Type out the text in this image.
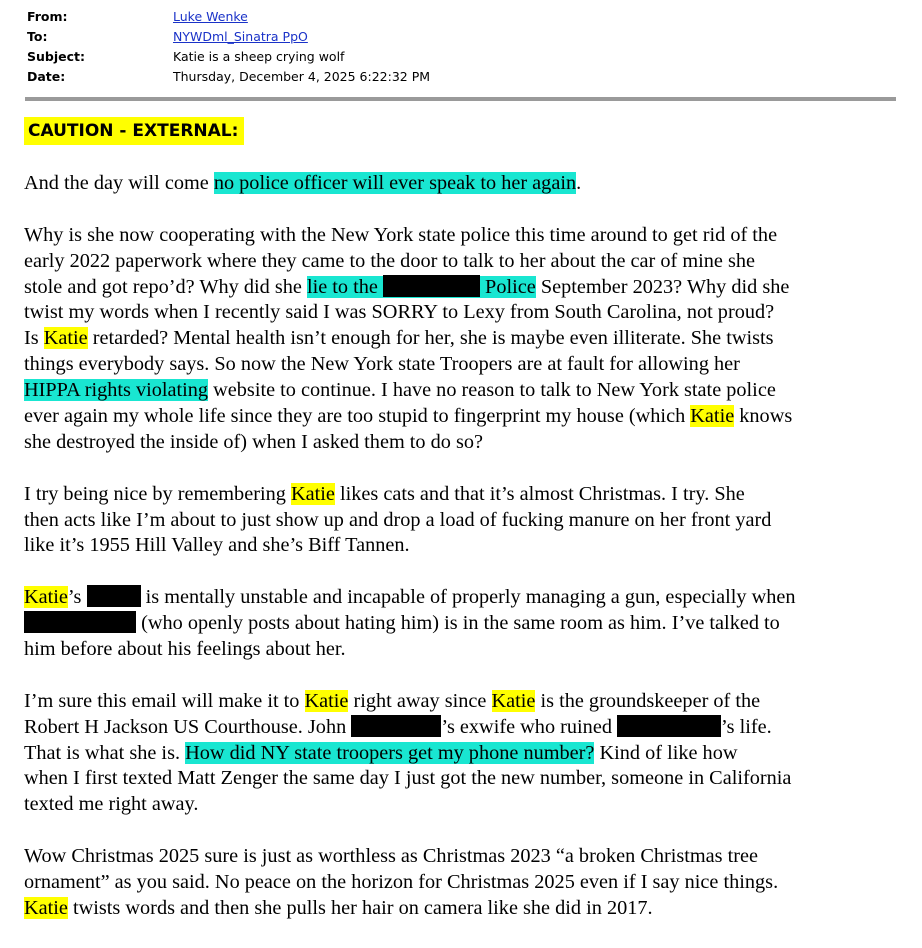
From:	Luke Wenke
To:	NYWDml_Sinatra PpO
Subject:	Katie is a sheep crying wolf
Date:	Thursday, December 4, 2025 6:22:32 PM
CAUTION - EXTERNAL:
And the day will come no police officer will ever speak to her again.
Why is she now cooperating with the New York state police this time around to get rid of the
early 2022 paperwork where they came to the door to talk to her about the car of mine she
stole and got repo’d? Why did she lie to the	Police September 2023? Why did she
twist my words when I recently said I was SORRY to Lexy from South Carolina, not proud?
Is Katie retarded? Mental health isn’t enough for her, she is maybe even illiterate. She twists
things everybody says. So now the New York state Troopers are at fault for allowing her
HIPPA rights violating website to continue. I have no reason to talk to New York state police
ever again my whole life since they are too stupid to fingerprint my house (which Katie knows
she destroyed the inside of) when I asked them to do so?
I try being nice by remembering Katie likes cats and that it’s almost Christmas. I try. She
then acts like I’m about to just show up and drop a load of fucking manure on her front yard
like it’s 1955 Hill Valley and she’s Biff Tannen.
Katie’s	is mentally unstable and incapable of properly managing a gun, especially when
(who openly posts about hating him) is in the same room as him. I’ve talked to
him before about his feelings about her.
I’m sure this email will make it to Katie right away since Katie is the groundskeeper of the
Robert H Jackson US Courthouse. John	’s exwife who ruined	’s life.
That is what she is. How did NY state troopers get my phone number? Kind of like how
when I first texted Matt Zenger the same day I just got the new number, someone in California
texted me right away.
Wow Christmas 2025 sure is just as worthless as Christmas 2023 “a broken Christmas tree
ornament” as you said. No peace on the horizon for Christmas 2025 even if I say nice things.
Katie twists words and then she pulls her hair on camera like she did in 2017.
